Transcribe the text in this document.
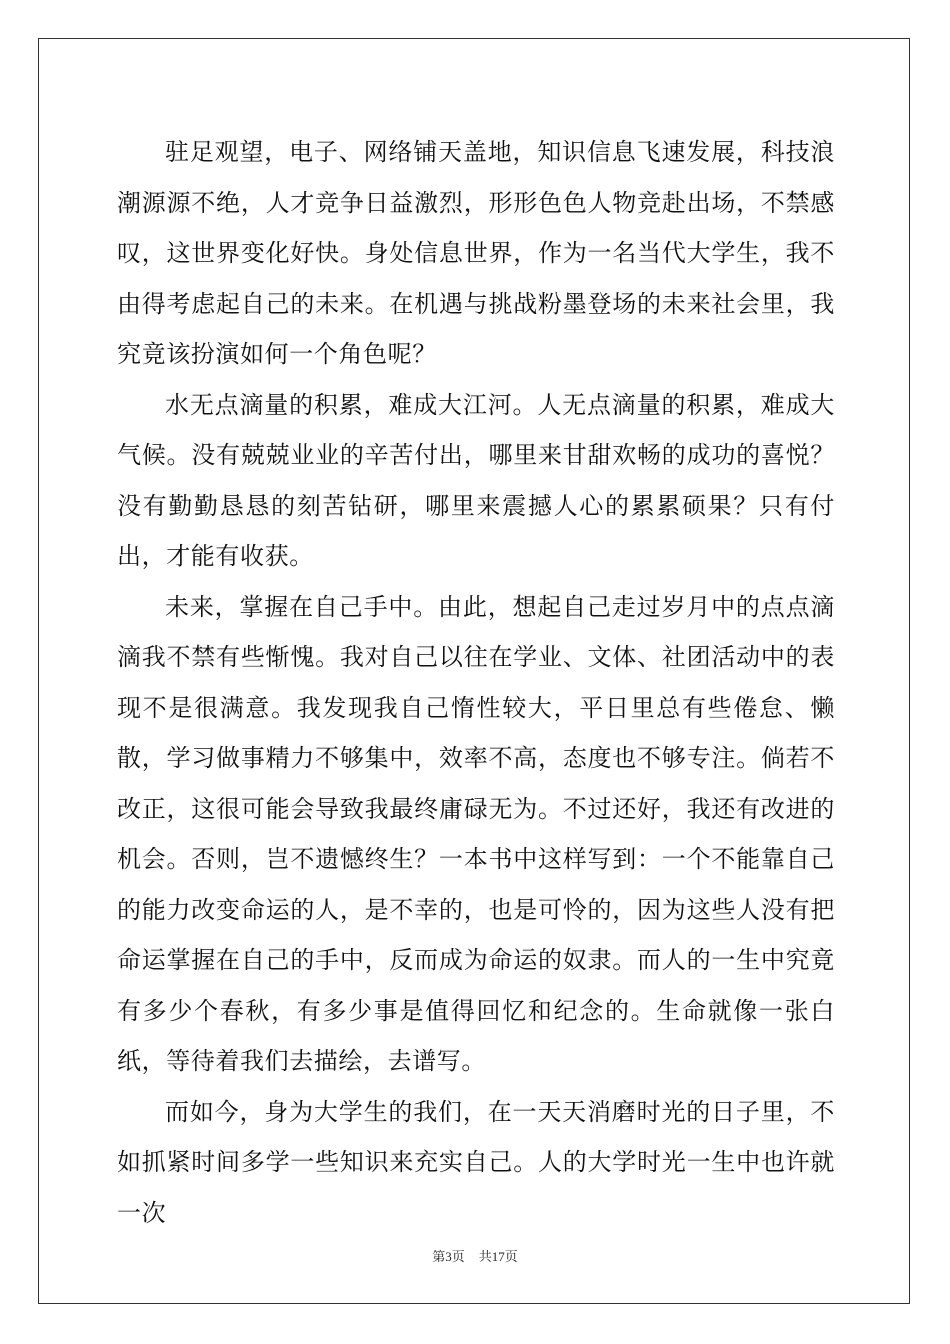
驻足观望，电子、网络铺天盖地，知识信息飞速发展，科技浪潮源源不绝，人才竞争日益激烈，形形色色人物竞赴出场，不禁感叹，这世界变化好快。身处信息世界，作为一名当代大学生，我不由得考虑起自己的未来。在机遇与挑战粉墨登场的未来社会里，我究竟该扮演如何一个角色呢？

水无点滴量的积累，难成大江河。人无点滴量的积累，难成大气候。没有兢兢业业的辛苦付出，哪里来甘甜欢畅的成功的喜悦？没有勤勤恳恳的刻苦钻研，哪里来震撼人心的累累硕果？只有付出，才能有收获。

未来，掌握在自己手中。由此，想起自己走过岁月中的点点滴滴我不禁有些惭愧。我对自己以往在学业、文体、社团活动中的表现不是很满意。我发现我自己惰性较大，平日里总有些倦怠、懒散，学习做事精力不够集中，效率不高，态度也不够专注。倘若不改正，这很可能会导致我最终庸碌无为。不过还好，我还有改进的机会。否则，岂不遗憾终生？一本书中这样写到：一个不能靠自己的能力改变命运的人，是不幸的，也是可怜的，因为这些人没有把命运掌握在自己的手中，反而成为命运的奴隶。而人的一生中究竟有多少个春秋，有多少事是值得回忆和纪念的。生命就像一张白纸，等待着我们去描绘，去谱写。

而如今，身为大学生的我们，在一天天消磨时光的日子里，不如抓紧时间多学一些知识来充实自己。人的大学时光一生中也许就一次

第3页 共17页
